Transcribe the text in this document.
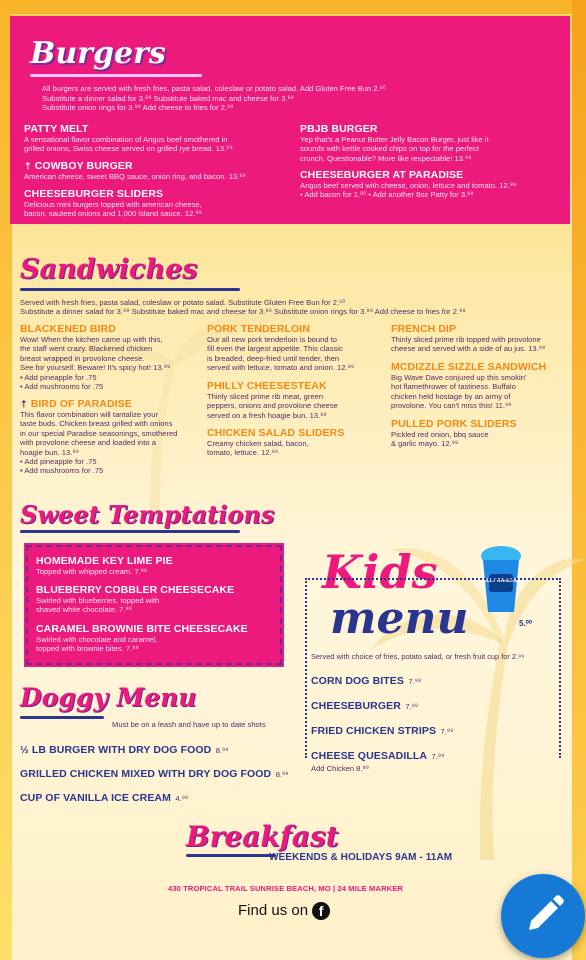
Burgers
All burgers are served with fresh fries, pasta salad, coleslaw or potato salad. Add Gluten Free Bun 2.⁵⁰
Substitute a dinner salad for 3.⁹⁹ Substitute baked mac and cheese for 3.⁹⁹
Substitute onion rings for 3.⁹⁹ Add cheese to fries for 2.⁹⁹
PATTY MELT
A sensational flavor combination of Angus beef smothered in
grilled onions, Swiss cheese served on grilled rye bread. 13.⁹⁹
⇡ COWBOY BURGER
American cheese, sweet BBQ sauce, onion ring, and bacon. 13.⁹⁹
CHEESEBURGER SLIDERS
Delicious mini burgers topped with american cheese,
bacon, sauteed onions and 1,000 island sauce. 12.⁹⁹
PBJB BURGER
Yep that's a Peanut Butter Jelly Bacon Burger, just like it
sounds with kettle cooked chips on top for the perfect
crunch. Questionable? More like respectable! 13.⁹⁹
CHEESEBURGER AT PARADISE
Angus beef served with cheese, onion, lettuce and tomato. 12.⁹⁹
• Add bacon for 1.⁰⁰ • Add another 8oz Patty for 3.⁹⁹
Sandwiches
Served with fresh fries, pasta salad, coleslaw or potato salad. Substitute Gluten Free Bun for 2.⁵⁰
Substitute a dinner salad for 3.⁹⁹ Substitute baked mac and cheese for 3.⁹⁹ Substitute onion rings for 3.⁹⁹ Add cheese to fries for 2.⁹⁹
BLACKENED BIRD
Wow! When the kitchen came up with this,
the staff went crazy. Blackened chicken
breast wrapped in provolone cheese.
See for yourself. Beware! It's spicy hot! 13.⁹⁹
• Add pineapple for .75
• Add mushrooms for .75
⇡ BIRD OF PARADISE
This flavor combination will tantalize your
taste buds. Chicken breast grilled with onions
in our special Paradise seasonings, smothered
with provolone cheese and loaded into a
hoagie bun. 13.⁹⁹
• Add pineapple for .75
• Add mushrooms for .75
PORK TENDERLOIN
Our all new pork tenderloin is bound to
fill even the largest appetite. This classic
is breaded, deep-fried until tender, then
served with lettuce, tomato and onion. 12.⁹⁹
PHILLY CHEESESTEAK
Thinly sliced prime rib meat, green
peppers, onions and provolone cheese
served on a fresh hoagie bun. 13.⁹⁹
CHICKEN SALAD SLIDERS
Creamy chicken salad, bacon,
tomato, lettuce. 12.⁹⁹
FRENCH DIP
Thinly sliced prime rib topped with provolone
cheese and served with a side of au jus. 13.⁹⁹
MCDIZZLE SIZZLE SANDWICH
Big Wave Dave conjured up this smokin'
hot flamethrower of tastiness. Buffalo
chicken held hostage by an army of
provolone. You can't miss this! 11.⁹⁹
PULLED PORK SLIDERS
Pickled red onion, bbq sauce
& garlic mayo. 12.⁹⁹
Sweet Temptations
HOMEMADE KEY LIME PIE
Topped with whipped cream. 7.⁹⁹
BLUEBERRY COBBLER CHEESECAKE
Swirled with blueberries, topped with
shaved white chocolate. 7.⁹⁹
CARAMEL BROWNIE BITE CHEESECAKE
Swirled with chocolate and caramel,
topped with brownie bites. 7.⁹⁹
Kids
menu
JOLLY RANCHER
5.⁰⁰
Served with choice of fries, potato salad, or fresh fruit cup for 2.⁹⁹
CORN DOG BITES 7.⁹⁹
CHEESEBURGER 7.⁹⁹
FRIED CHICKEN STRIPS 7.⁹⁹
CHEESE QUESADILLA 7.⁹⁹
Add Chicken 8.⁹⁹
Doggy Menu
Must be on a leash and have up to date shots
½ LB BURGER WITH DRY DOG FOOD 8.⁹⁹
GRILLED CHICKEN MIXED WITH DRY DOG FOOD 8.⁹⁹
CUP OF VANILLA ICE CREAM 4.⁹⁹
Breakfast
WEEKENDS & HOLIDAYS 9AM - 11AM
430 TROPICAL TRAIL SUNRISE BEACH, MO | 24 MILE MARKER
Find us on f
